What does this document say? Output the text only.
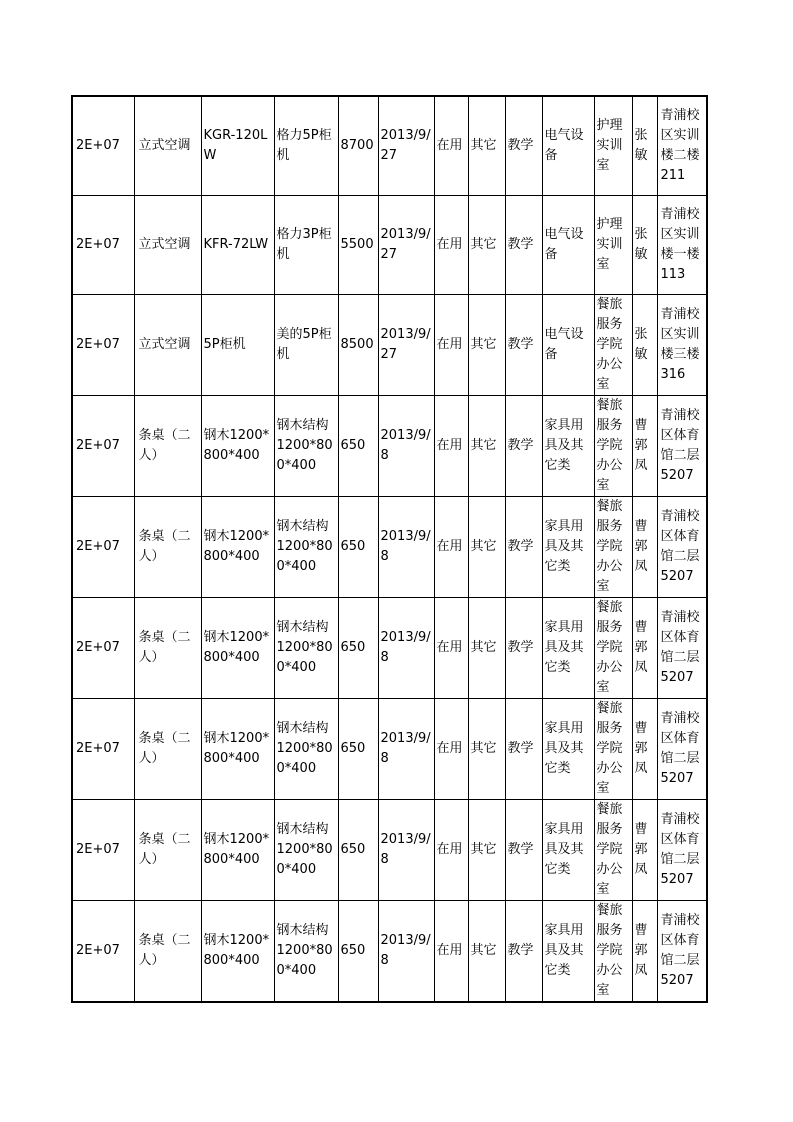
2E+07	立式空调	KGR-120LW	格力5P柜机	8700	2013/9/27	在用	其它	教学	电气设备	护理实训室	张敏	青浦校区实训楼二楼211
2E+07	立式空调	KFR-72LW	格力3P柜机	5500	2013/9/27	在用	其它	教学	电气设备	护理实训室	张敏	青浦校区实训楼一楼113
2E+07	立式空调	5P柜机	美的5P柜机	8500	2013/9/27	在用	其它	教学	电气设备	餐旅服务学院办公室	张敏	青浦校区实训楼三楼316
2E+07	条桌（二人）	钢木1200*800*400	钢木结构1200*800*400	650	2013/9/8	在用	其它	教学	家具用具及其它类	餐旅服务学院办公室	曹郭凤	青浦校区体育馆二层5207
2E+07	条桌（二人）	钢木1200*800*400	钢木结构1200*800*400	650	2013/9/8	在用	其它	教学	家具用具及其它类	餐旅服务学院办公室	曹郭凤	青浦校区体育馆二层5207
2E+07	条桌（二人）	钢木1200*800*400	钢木结构1200*800*400	650	2013/9/8	在用	其它	教学	家具用具及其它类	餐旅服务学院办公室	曹郭凤	青浦校区体育馆二层5207
2E+07	条桌（二人）	钢木1200*800*400	钢木结构1200*800*400	650	2013/9/8	在用	其它	教学	家具用具及其它类	餐旅服务学院办公室	曹郭凤	青浦校区体育馆二层5207
2E+07	条桌（二人）	钢木1200*800*400	钢木结构1200*800*400	650	2013/9/8	在用	其它	教学	家具用具及其它类	餐旅服务学院办公室	曹郭凤	青浦校区体育馆二层5207
2E+07	条桌（二人）	钢木1200*800*400	钢木结构1200*800*400	650	2013/9/8	在用	其它	教学	家具用具及其它类	餐旅服务学院办公室	曹郭凤	青浦校区体育馆二层5207
